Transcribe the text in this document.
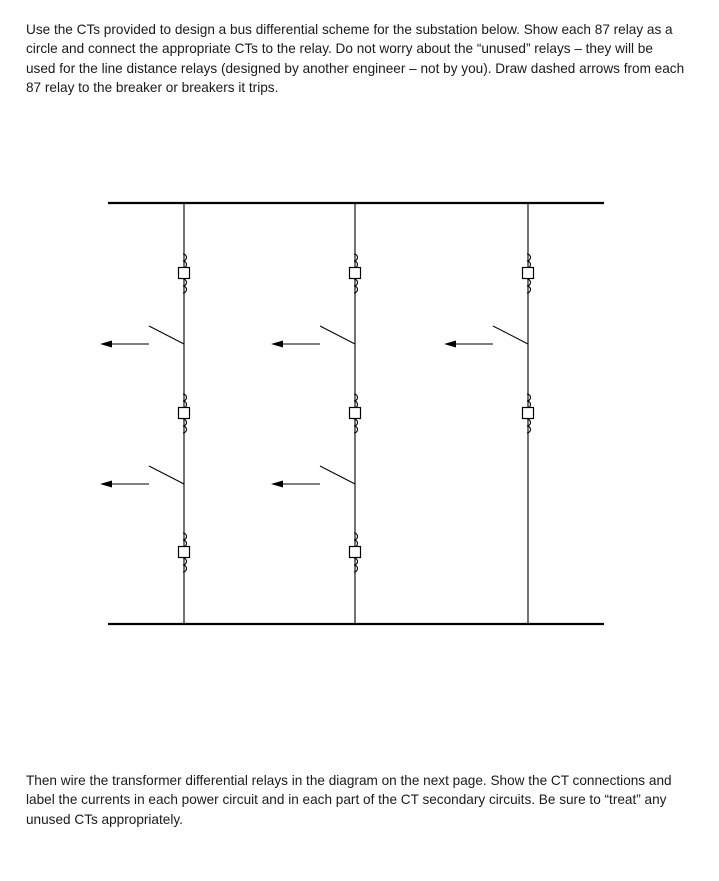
Use the CTs provided to design a bus differential scheme for the substation below. Show each 87 relay as a circle and connect the appropriate CTs to the relay. Do not worry about the “unused” relays – they will be used for the line distance relays (designed by another engineer – not by you). Draw dashed arrows from each 87 relay to the breaker or breakers it trips.

Then wire the transformer differential relays in the diagram on the next page. Show the CT connections and label the currents in each power circuit and in each part of the CT secondary circuits. Be sure to “treat” any unused CTs appropriately.
